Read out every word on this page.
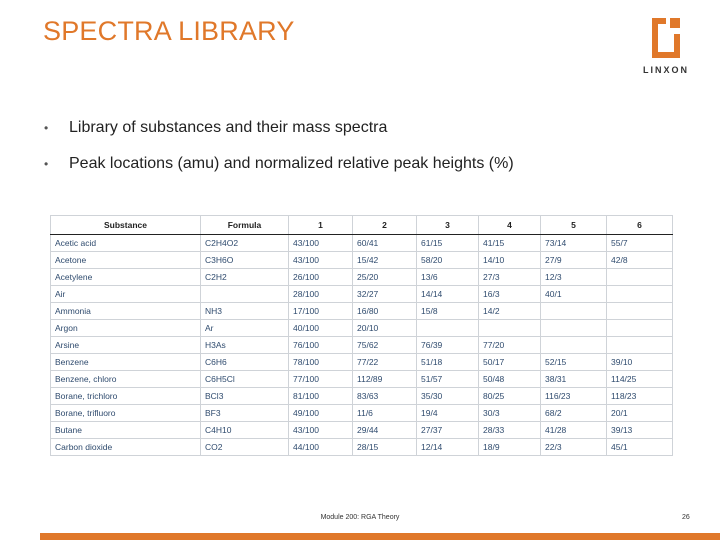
SPECTRA LIBRARY
LINXON
• Library of substances and their mass spectra
• Peak locations (amu) and normalized relative peak heights (%)
Substance	Formula	1	2	3	4	5	6
Acetic acid	C2H4O2	43/100	60/41	61/15	41/15	73/14	55/7
Acetone	C3H6O	43/100	15/42	58/20	14/10	27/9	42/8
Acetylene	C2H2	26/100	25/20	13/6	27/3	12/3	
Air		28/100	32/27	14/14	16/3	40/1	
Ammonia	NH3	17/100	16/80	15/8	14/2		
Argon	Ar	40/100	20/10				
Arsine	H3As	76/100	75/62	76/39	77/20		
Benzene	C6H6	78/100	77/22	51/18	50/17	52/15	39/10
Benzene, chloro	C6H5Cl	77/100	112/89	51/57	50/48	38/31	114/25
Borane, trichloro	BCl3	81/100	83/63	35/30	80/25	116/23	118/23
Borane, trifluoro	BF3	49/100	11/6	19/4	30/3	68/2	20/1
Butane	C4H10	43/100	29/44	27/37	28/33	41/28	39/13
Carbon dioxide	CO2	44/100	28/15	12/14	18/9	22/3	45/1
Module 200: RGA Theory	26
